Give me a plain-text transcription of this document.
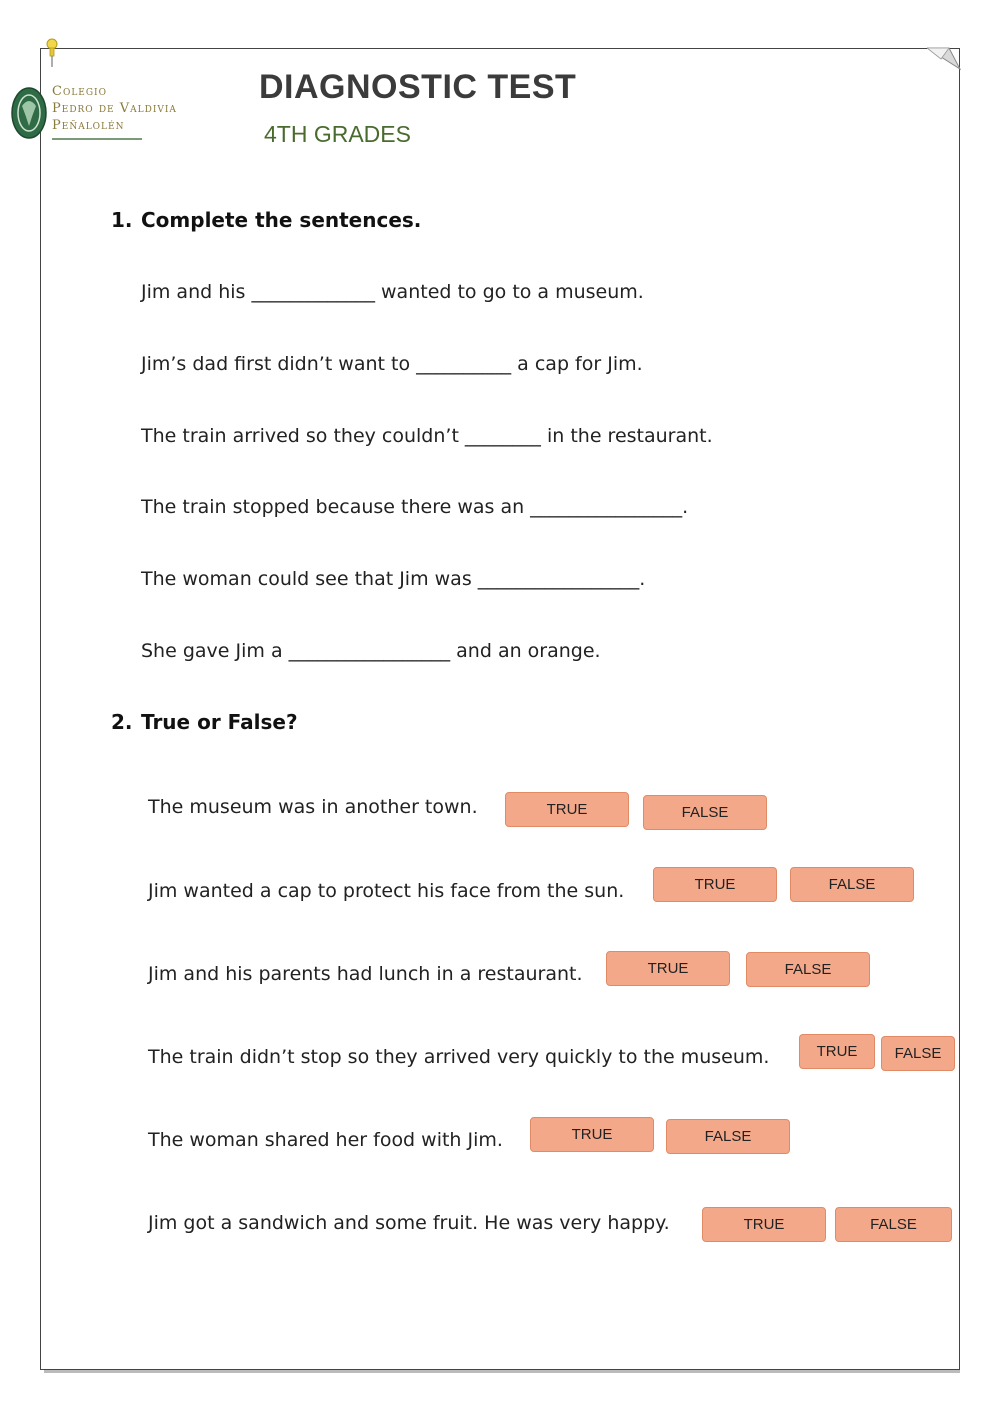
Colegio
Pedro de Valdivia
Peñalolén
DIAGNOSTIC TEST
4TH GRADES
1. Complete the sentences.
Jim and his _____________ wanted to go to a museum.
Jim’s dad first didn’t want to __________ a cap for Jim.
The train arrived so they couldn’t ________ in the restaurant.
The train stopped because there was an ________________.
The woman could see that Jim was _________________.
She gave Jim a _________________ and an orange.
2. True or False?
The museum was in another town.	TRUE	FALSE
Jim wanted a cap to protect his face from the sun.	TRUE	FALSE
Jim and his parents had lunch in a restaurant.	TRUE	FALSE
The train didn’t stop so they arrived very quickly to the museum.	TRUE	FALSE
The woman shared her food with Jim.	TRUE	FALSE
Jim got a sandwich and some fruit. He was very happy.	TRUE	FALSE
